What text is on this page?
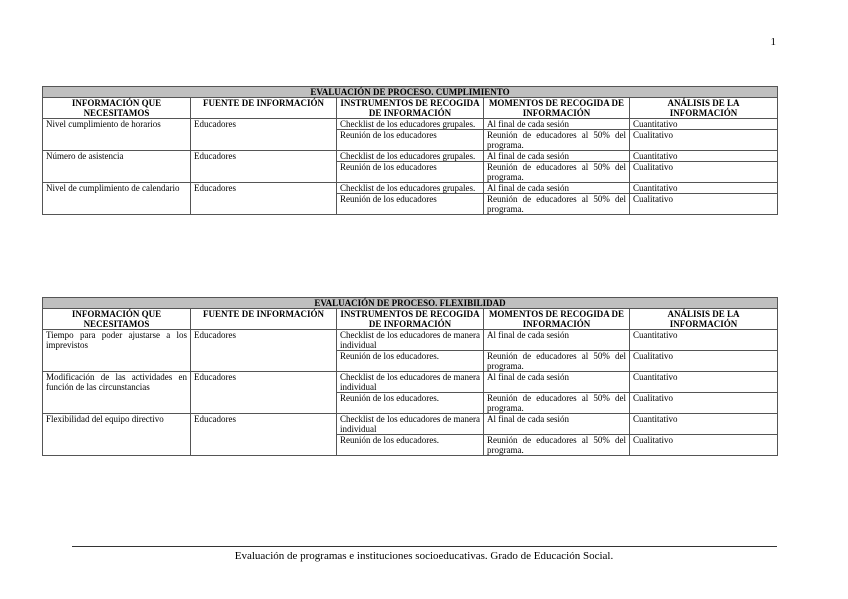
1
EVALUACIÓN DE PROCESO. CUMPLIMIENTO				
INFORMACIÓN QUE NECESITAMOS	FUENTE DE INFORMACIÓN	INSTRUMENTOS DE RECOGIDA DE INFORMACIÓN	MOMENTOS DE RECOGIDA DE INFORMACIÓN	ANÁLISIS DE LA INFORMACIÓN
Nivel cumplimiento de horarios	Educadores	Checklist de los educadores grupales.	Al final de cada sesión	Cuantitativo
		Reunión de los educadores	Reunión de educadores al 50% del programa.	Cualitativo
Número de asistencia	Educadores	Checklist de los educadores grupales.	Al final de cada sesión	Cuantitativo
		Reunión de los educadores	Reunión de educadores al 50% del programa.	Cualitativo
Nivel de cumplimiento de calendario	Educadores	Checklist de los educadores grupales.	Al final de cada sesión	Cuantitativo
		Reunión de los educadores	Reunión de educadores al 50% del programa.	Cualitativo
EVALUACIÓN DE PROCESO. FLEXIBILIDAD				
INFORMACIÓN QUE NECESITAMOS	FUENTE DE INFORMACIÓN	INSTRUMENTOS DE RECOGIDA DE INFORMACIÓN	MOMENTOS DE RECOGIDA DE INFORMACIÓN	ANÁLISIS DE LA INFORMACIÓN
Tiempo para poder ajustarse a los imprevistos	Educadores	Checklist de los educadores de manera individual	Al final de cada sesión	Cuantitativo
		Reunión de los educadores.	Reunión de educadores al 50% del programa.	Cualitativo
Modificación de las actividades en función de las circunstancias	Educadores	Checklist de los educadores de manera individual	Al final de cada sesión	Cuantitativo
		Reunión de los educadores.	Reunión de educadores al 50% del programa.	Cualitativo
Flexibilidad del equipo directivo	Educadores	Checklist de los educadores de manera individual	Al final de cada sesión	Cuantitativo
		Reunión de los educadores.	Reunión de educadores al 50% del programa.	Cualitativo
Evaluación de programas e instituciones socioeducativas. Grado de Educación Social.
